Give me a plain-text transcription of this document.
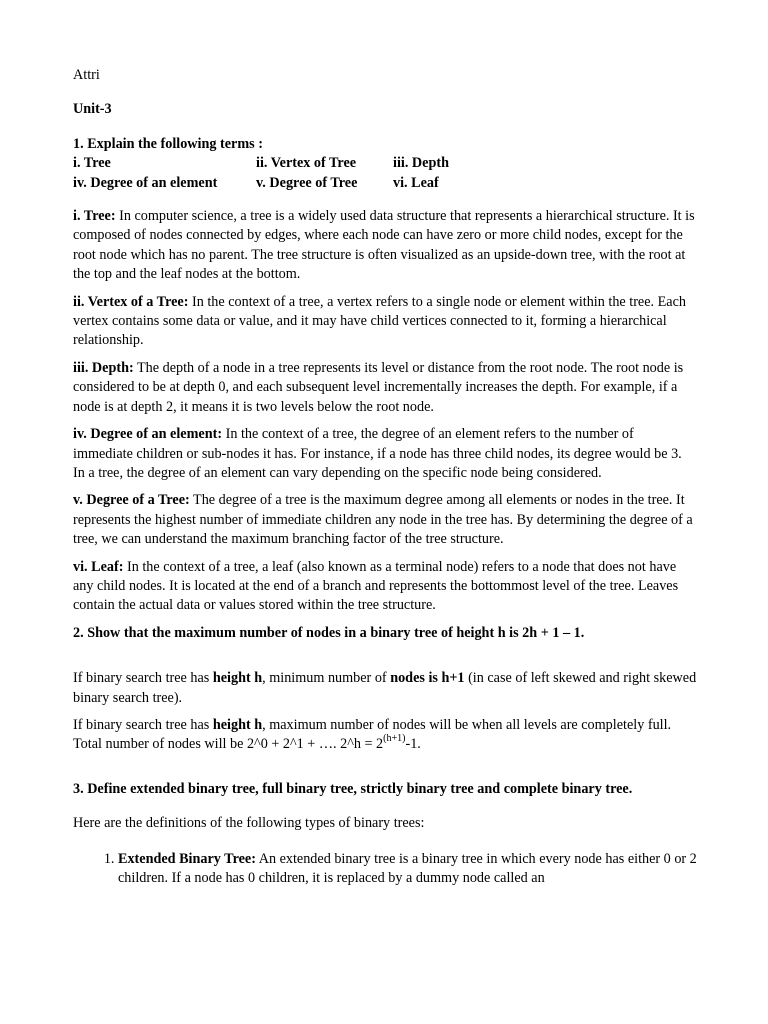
Attri

Unit-3

1. Explain the following terms :

i. Tree	ii. Vertex of Tree	iii. Depth
iv. Degree of an element	v. Degree of Tree	vi. Leaf

i. Tree: In computer science, a tree is a widely used data structure that represents a hierarchical structure. It is composed of nodes connected by edges, where each node can have zero or more child nodes, except for the root node which has no parent. The tree structure is often visualized as an upside-down tree, with the root at the top and the leaf nodes at the bottom.

ii. Vertex of a Tree: In the context of a tree, a vertex refers to a single node or element within the tree. Each vertex contains some data or value, and it may have child vertices connected to it, forming a hierarchical relationship.

iii. Depth: The depth of a node in a tree represents its level or distance from the root node. The root node is considered to be at depth 0, and each subsequent level incrementally increases the depth. For example, if a node is at depth 2, it means it is two levels below the root node.

iv. Degree of an element: In the context of a tree, the degree of an element refers to the number of immediate children or sub-nodes it has. For instance, if a node has three child nodes, its degree would be 3. In a tree, the degree of an element can vary depending on the specific node being considered.

v. Degree of a Tree: The degree of a tree is the maximum degree among all elements or nodes in the tree. It represents the highest number of immediate children any node in the tree has. By determining the degree of a tree, we can understand the maximum branching factor of the tree structure.

vi. Leaf: In the context of a tree, a leaf (also known as a terminal node) refers to a node that does not have any child nodes. It is located at the end of a branch and represents the bottommost level of the tree. Leaves contain the actual data or values stored within the tree structure.

2. Show that the maximum number of nodes in a binary tree of height h is 2h + 1 – 1.

If binary search tree has height h, minimum number of nodes is h+1 (in case of left skewed and right skewed binary search tree).

If binary search tree has height h, maximum number of nodes will be when all levels are completely full. Total number of nodes will be 2^0 + 2^1 + …. 2^h = $2^{(h+1)}-1$.

3. Define extended binary tree, full binary tree, strictly binary tree and complete binary tree.

Here are the definitions of the following types of binary trees:

1. Extended Binary Tree: An extended binary tree is a binary tree in which every node has either 0 or 2 children. If a node has 0 children, it is replaced by a dummy node called an
